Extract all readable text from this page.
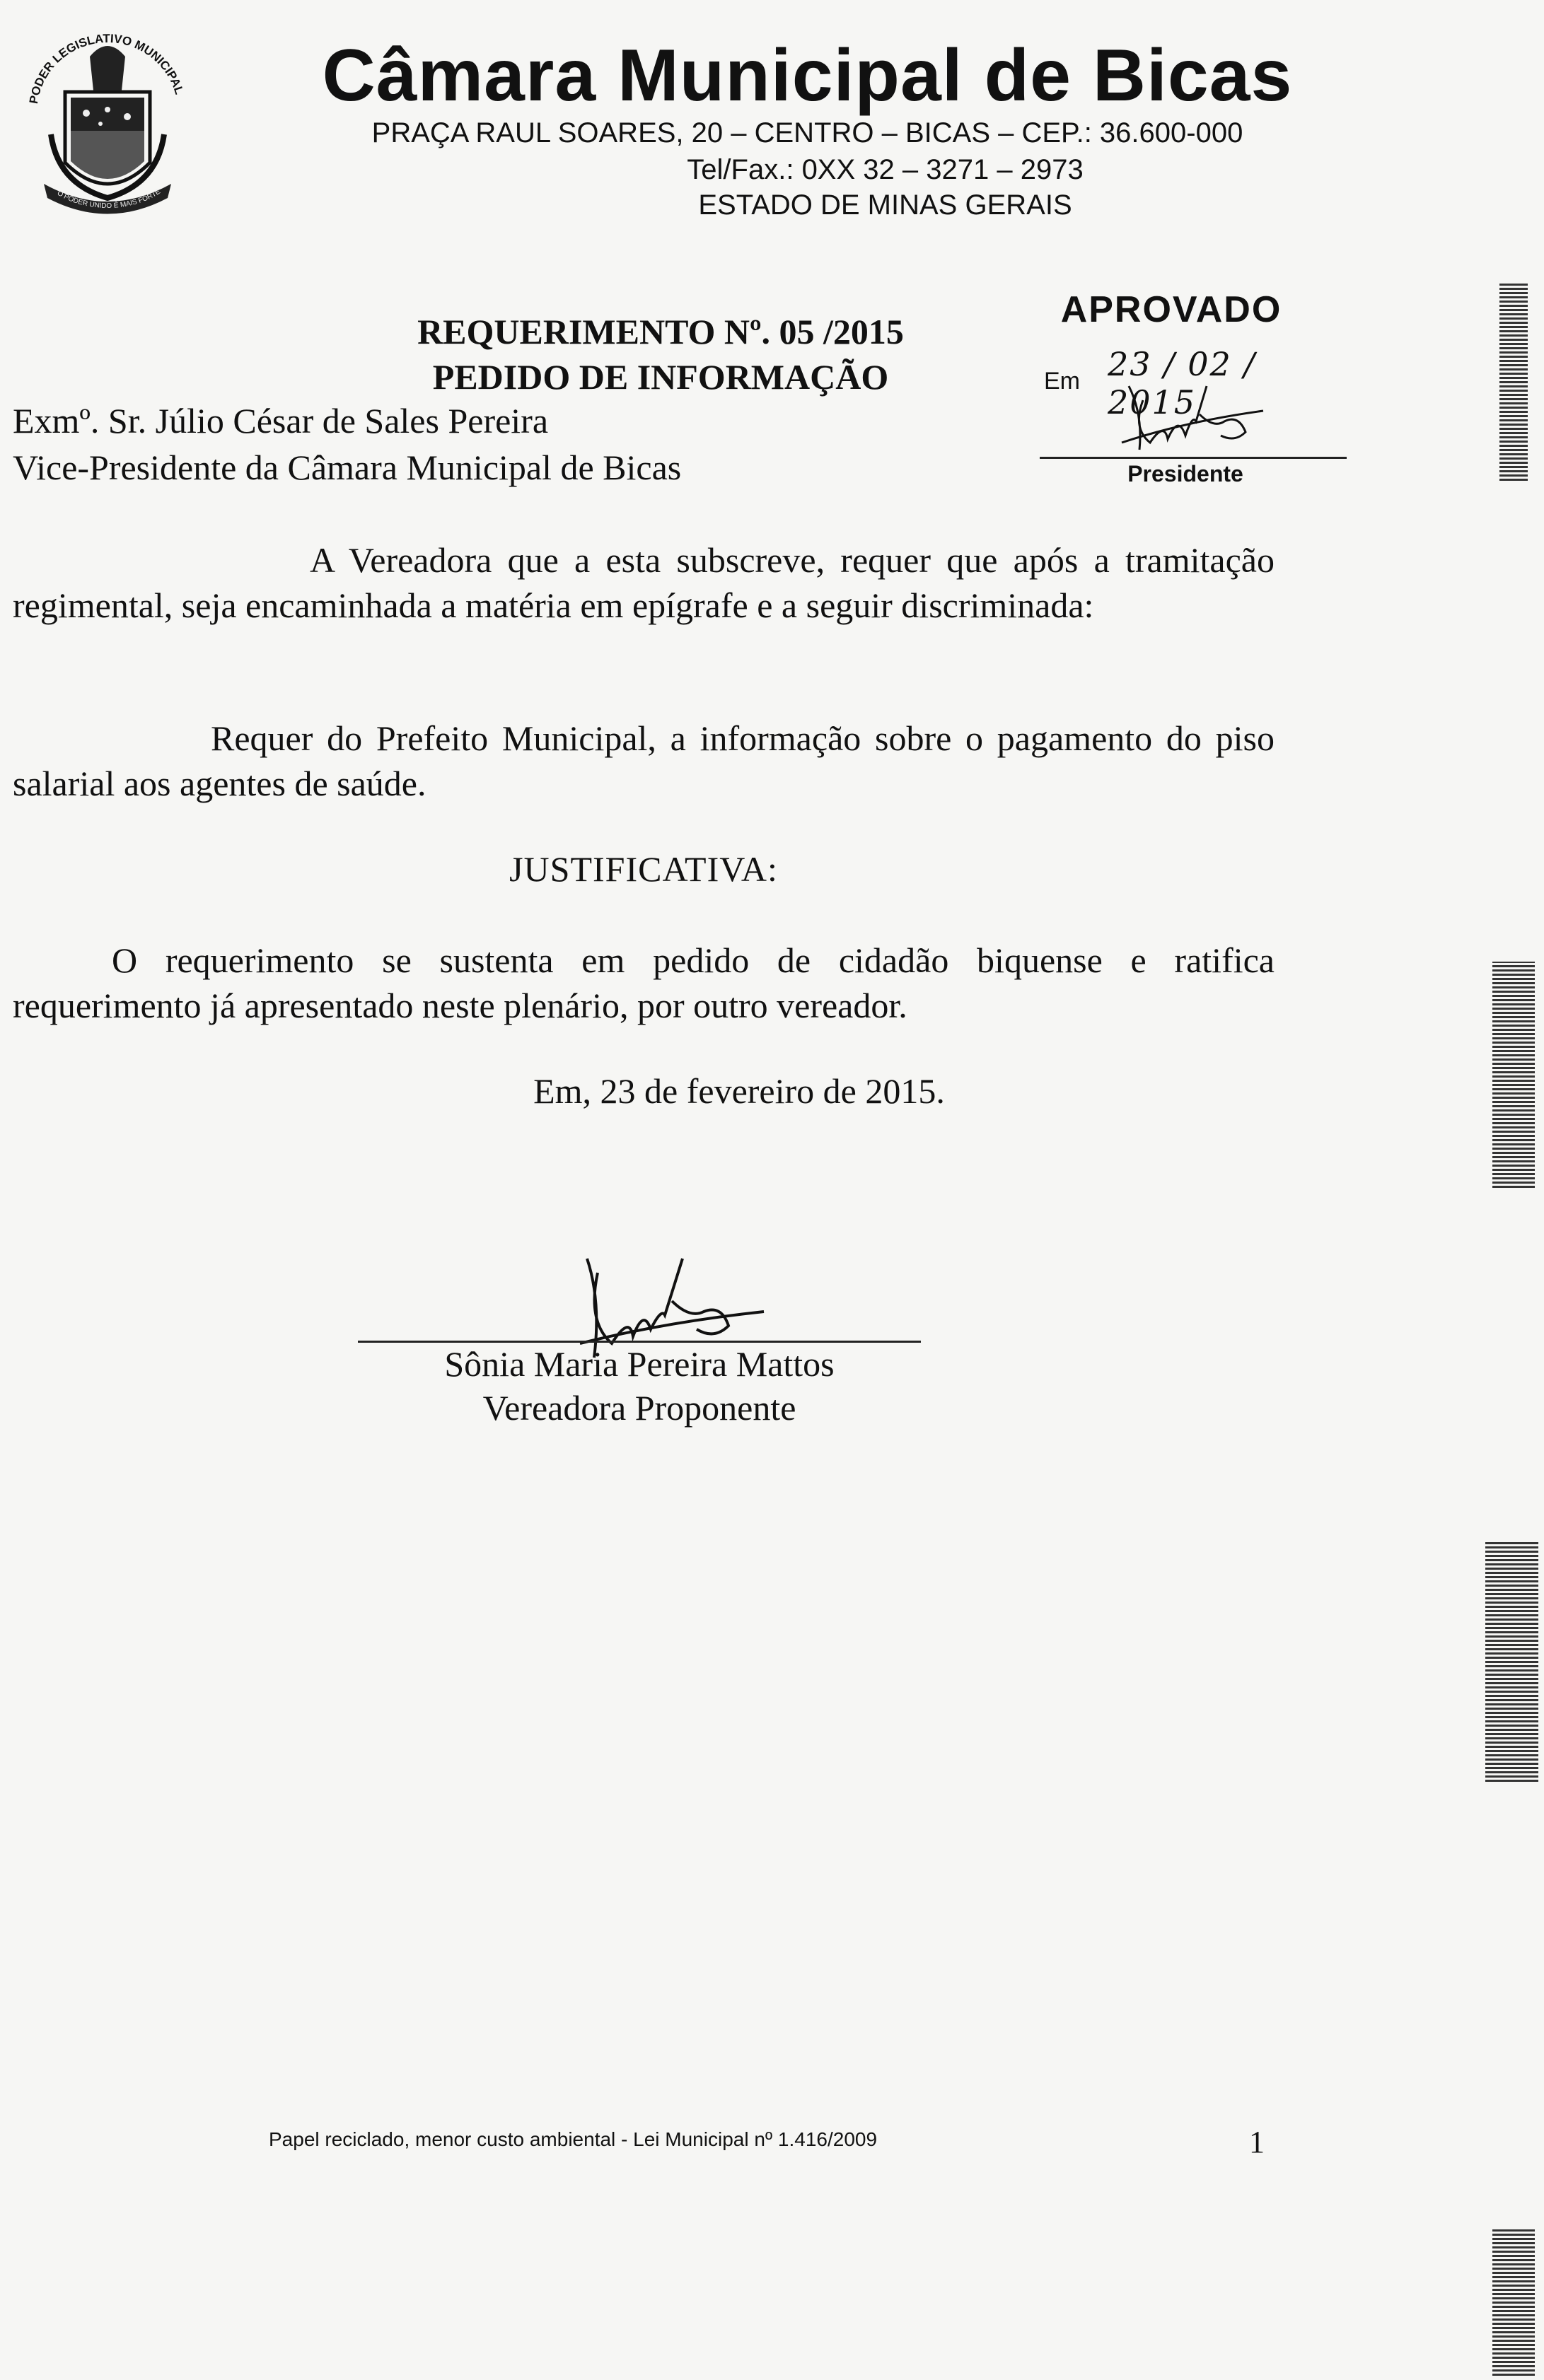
PODER LEGISLATIVO MUNICIPAL
O PODER UNIDO É MAIS FORTE
Câmara Municipal de Bicas
PRAÇA RAUL SOARES, 20 – CENTRO – BICAS – CEP.: 36.600-000
Tel/Fax.: 0XX 32 – 3271 – 2973
ESTADO DE MINAS GERAIS
REQUERIMENTO Nº. 05 /2015
PEDIDO DE INFORMAÇÃO
Exmº. Sr. Júlio César de Sales Pereira
Vice-Presidente da Câmara Municipal de Bicas
APROVADO
Em 23 / 02 / 2015
Presidente
A Vereadora que a esta subscreve, requer que após a tramitação regimental, seja encaminhada a matéria em epígrafe e a seguir discriminada:
Requer do Prefeito Municipal, a informação sobre o pagamento do piso salarial aos agentes de saúde.
JUSTIFICATIVA:
O requerimento se sustenta em pedido de cidadão biquense e ratifica requerimento já apresentado neste plenário, por outro vereador.
Em, 23 de fevereiro de 2015.
Sônia Maria Pereira Mattos
Vereadora Proponente
Papel reciclado, menor custo ambiental - Lei Municipal nº 1.416/2009	1
